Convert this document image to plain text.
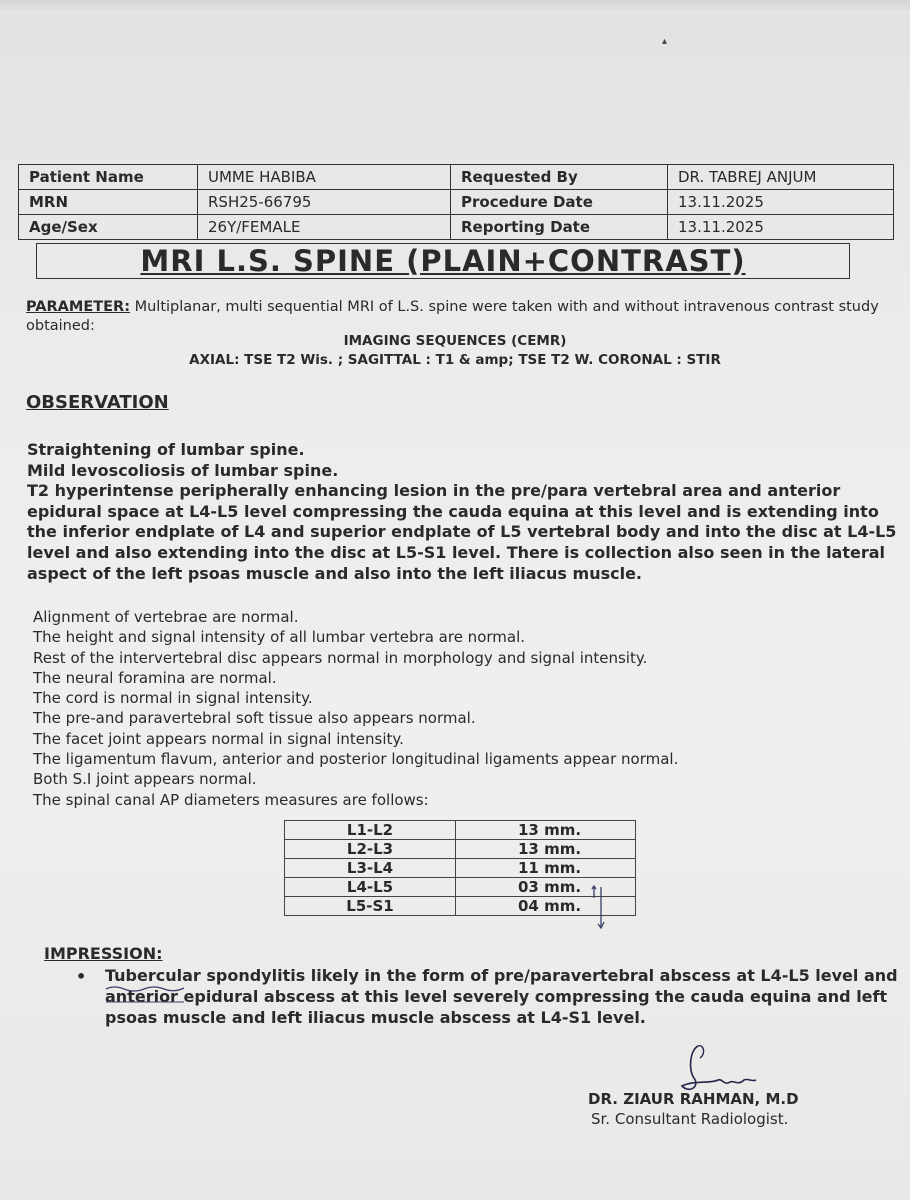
▴
Patient Name	UMME HABIBA	Requested By	DR. TABREJ ANJUM
MRN	RSH25-66795	Procedure Date	13.11.2025
Age/Sex	26Y/FEMALE	Reporting Date	13.11.2025
MRI L.S. SPINE (PLAIN+CONTRAST)
PARAMETER: Multiplanar, multi sequential MRI of L.S. spine were taken with and without intravenous contrast study obtained:
IMAGING SEQUENCES (CEMR)
AXIAL: TSE T2 Wis. ; SAGITTAL : T1 & amp; TSE T2 W. CORONAL : STIR
OBSERVATION
Straightening of lumbar spine.
Mild levoscoliosis of lumbar spine.
T2 hyperintense peripherally enhancing lesion in the pre/para vertebral area and anterior epidural space at L4-L5 level compressing the cauda equina at this level and is extending into the inferior endplate of L4 and superior endplate of L5 vertebral body and into the disc at L4-L5 level and also extending into the disc at L5-S1 level. There is collection also seen in the lateral aspect of the left psoas muscle and also into the left iliacus muscle.
Alignment of vertebrae are normal.
The height and signal intensity of all lumbar vertebra are normal.
Rest of the intervertebral disc appears normal in morphology and signal intensity.
The neural foramina are normal.
The cord is normal in signal intensity.
The pre-and paravertebral soft tissue also appears normal.
The facet joint appears normal in signal intensity.
The ligamentum flavum, anterior and posterior longitudinal ligaments appear normal.
Both S.I joint appears normal.
The spinal canal AP diameters measures are follows:
L1-L2	13 mm.
L2-L3	13 mm.
L3-L4	11 mm.
L4-L5	03 mm.
L5-S1	04 mm.
IMPRESSION:
• Tubercular spondylitis likely in the form of pre/paravertebral abscess at L4-L5 level and anterior epidural abscess at this level severely compressing the cauda equina and left psoas muscle and left iliacus muscle abscess at L4-S1 level.
DR. ZIAUR RAHMAN, M.D
Sr. Consultant Radiologist.
